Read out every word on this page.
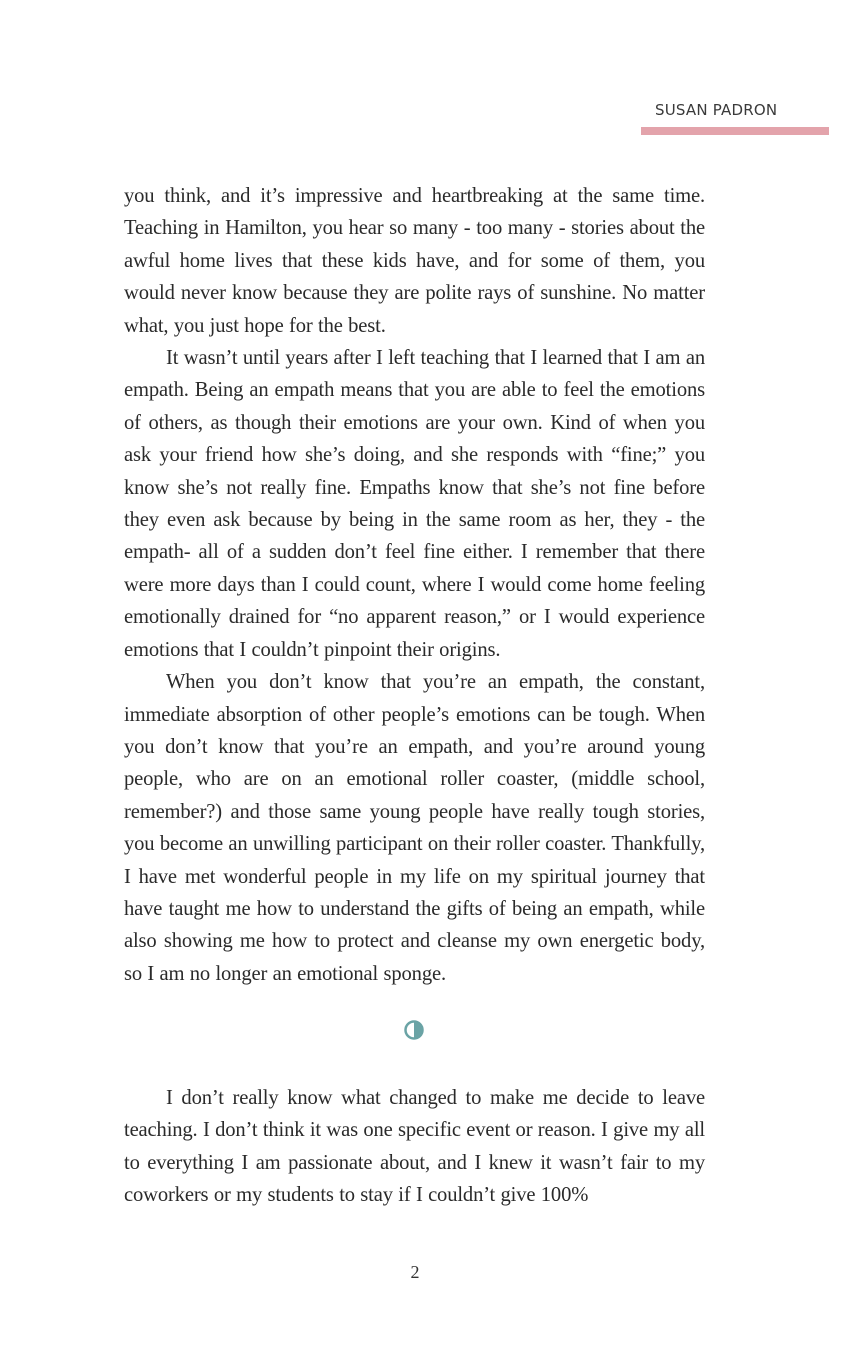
SUSAN PADRON

you think, and it’s impressive and heartbreaking at the same time. Teaching in Hamilton, you hear so many - too many - stories about the awful home lives that these kids have, and for some of them, you would never know because they are polite rays of sunshine. No matter what, you just hope for the best.

It wasn’t until years after I left teaching that I learned that I am an empath. Being an empath means that you are able to feel the emotions of others, as though their emotions are your own. Kind of when you ask your friend how she’s doing, and she responds with “fine;” you know she’s not really fine. Empaths know that she’s not fine before they even ask because by being in the same room as her, they - the empath- all of a sudden don’t feel fine either. I remember that there were more days than I could count, where I would come home feeling emotionally drained for “no apparent reason,” or I would experience emotions that I couldn’t pinpoint their origins.

When you don’t know that you’re an empath, the constant, immediate absorption of other people’s emotions can be tough. When you don’t know that you’re an empath, and you’re around young people, who are on an emotional roller coaster, (middle school, remember?) and those same young people have really tough stories, you become an unwilling participant on their roller coaster. Thankfully, I have met wonderful people in my life on my spiritual journey that have taught me how to understand the gifts of being an empath, while also showing me how to protect and cleanse my own energetic body, so I am no longer an emotional sponge.

I don’t really know what changed to make me decide to leave teaching. I don’t think it was one specific event or reason. I give my all to everything I am passionate about, and I knew it wasn’t fair to my coworkers or my students to stay if I couldn’t give 100%

2
